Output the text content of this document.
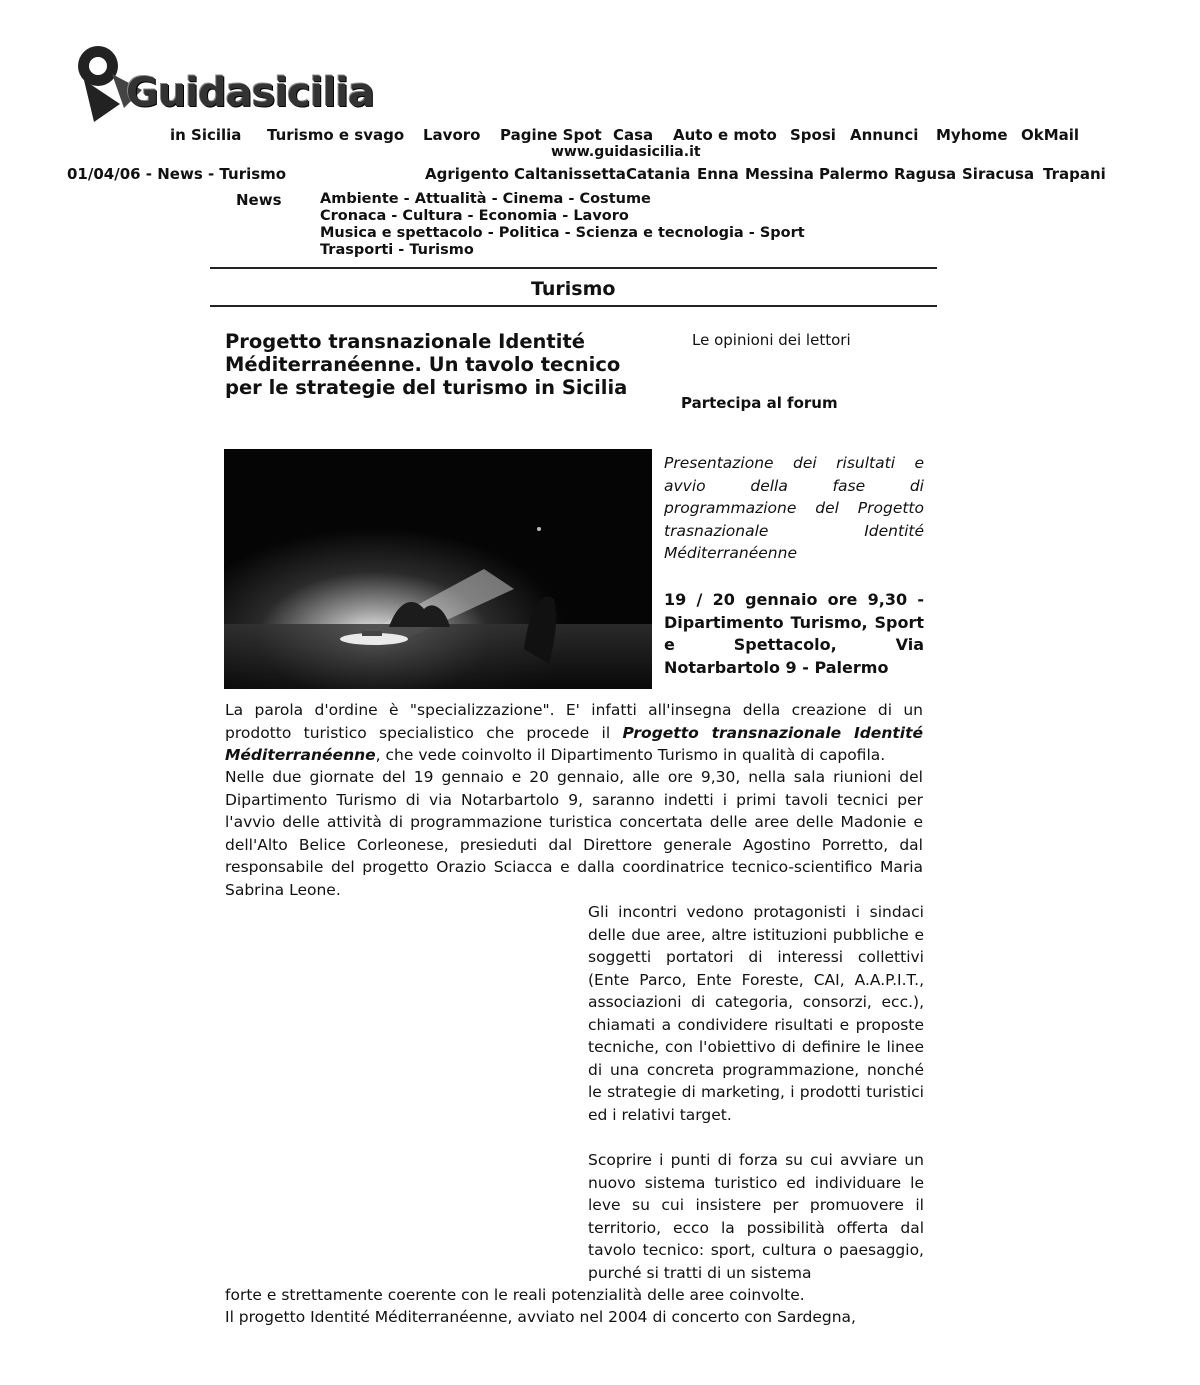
Guidasicilia
in Sicilia Turismo e svago Lavoro Pagine Spot Casa Auto e moto Sposi Annunci Myhome OkMail
www.guidasicilia.it
01/04/06 - News - Turismo	Agrigento Caltanissetta Catania Enna Messina Palermo Ragusa Siracusa Trapani
News	Ambiente - Attualità - Cinema - Costume
Cronaca - Cultura - Economia - Lavoro
Musica e spettacolo - Politica - Scienza e tecnologia - Sport
Trasporti - Turismo
Turismo
Progetto transnazionale Identité Méditerranéenne. Un tavolo tecnico per le strategie del turismo in Sicilia
Le opinioni dei lettori
Partecipa al forum
Presentazione dei risultati e avvio della fase di programmazione del Progetto trasnazionale Identité Méditerranéenne
19 / 20 gennaio ore 9,30 - Dipartimento Turismo, Sport e Spettacolo, Via Notarbartolo 9 - Palermo
La parola d'ordine è "specializzazione". E' infatti all'insegna della creazione di un prodotto turistico specialistico che procede il Progetto transnazionale Identité Méditerranéenne, che vede coinvolto il Dipartimento Turismo in qualità di capofila.
Nelle due giornate del 19 gennaio e 20 gennaio, alle ore 9,30, nella sala riunioni del Dipartimento Turismo di via Notarbartolo 9, saranno indetti i primi tavoli tecnici per l'avvio delle attività di programmazione turistica concertata delle aree delle Madonie e dell'Alto Belice Corleonese, presieduti dal Direttore generale Agostino Porretto, dal responsabile del progetto Orazio Sciacca e dalla coordinatrice tecnico-scientifico Maria Sabrina Leone.
Gli incontri vedono protagonisti i sindaci delle due aree, altre istituzioni pubbliche e soggetti portatori di interessi collettivi (Ente Parco, Ente Foreste, CAI, A.A.P.I.T., associazioni di categoria, consorzi, ecc.), chiamati a condividere risultati e proposte tecniche, con l'obiettivo di definire le linee di una concreta programmazione, nonché le strategie di marketing, i prodotti turistici ed i relativi target.
Scoprire i punti di forza su cui avviare un nuovo sistema turistico ed individuare le leve su cui insistere per promuovere il territorio, ecco la possibilità offerta dal tavolo tecnico: sport, cultura o paesaggio, purché si tratti di un sistema
forte e strettamente coerente con le reali potenzialità delle aree coinvolte.
Il progetto Identité Méditerranéenne, avviato nel 2004 di concerto con Sardegna,
